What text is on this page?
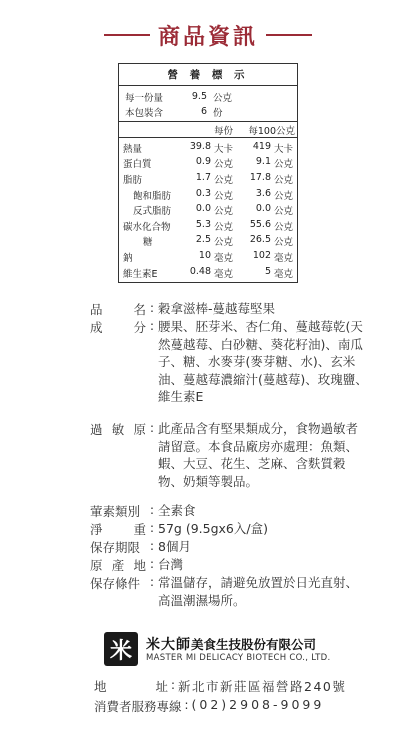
商品資訊
營 養 標 示
每一份量	9.5 公克
本包裝含	6 份
每份	每100公克
熱量	39.8 大卡	419 大卡
蛋白質	0.9 公克	9.1 公克
脂肪	1.7 公克	17.8 公克
飽和脂肪	0.3 公克	3.6 公克
反式脂肪	0.0 公克	0.0 公克
碳水化合物	5.3 公克	55.6 公克
糖	2.5 公克	26.5 公克
鈉	10 毫克	102 毫克
維生素E	0.48 毫克	5 毫克
品 名 : 穀拿滋棒-蔓越莓堅果
成 分 : 腰果、胚芽米、杏仁角、蔓越莓乾(天然蔓越莓、白砂糖、葵花籽油)、南瓜子、糖、水麥芽(麥芽糖、水)、玄米油、蔓越莓濃縮汁(蔓越莓)、玫瑰鹽、維生素E
過 敏 原 : 此產品含有堅果類成分，食物過敏者請留意。本食品廠房亦處理：魚類、蝦、大豆、花生、芝麻、含麩質穀物、奶類等製品。
葷素類別 : 全素食
淨 重 : 57g (9.5gx6入/盒)
保存期限 : 8個月
原 產 地 : 台灣
保存條件 : 常溫儲存，請避免放置於日光直射、高溫潮濕場所。
米	米大師美食生技股份有限公司
MASTER MI DELICACY BIOTECH CO., LTD.
地	址 : 新北市新莊區福營路240號
消費者服務專線 : (02)2908-9099
